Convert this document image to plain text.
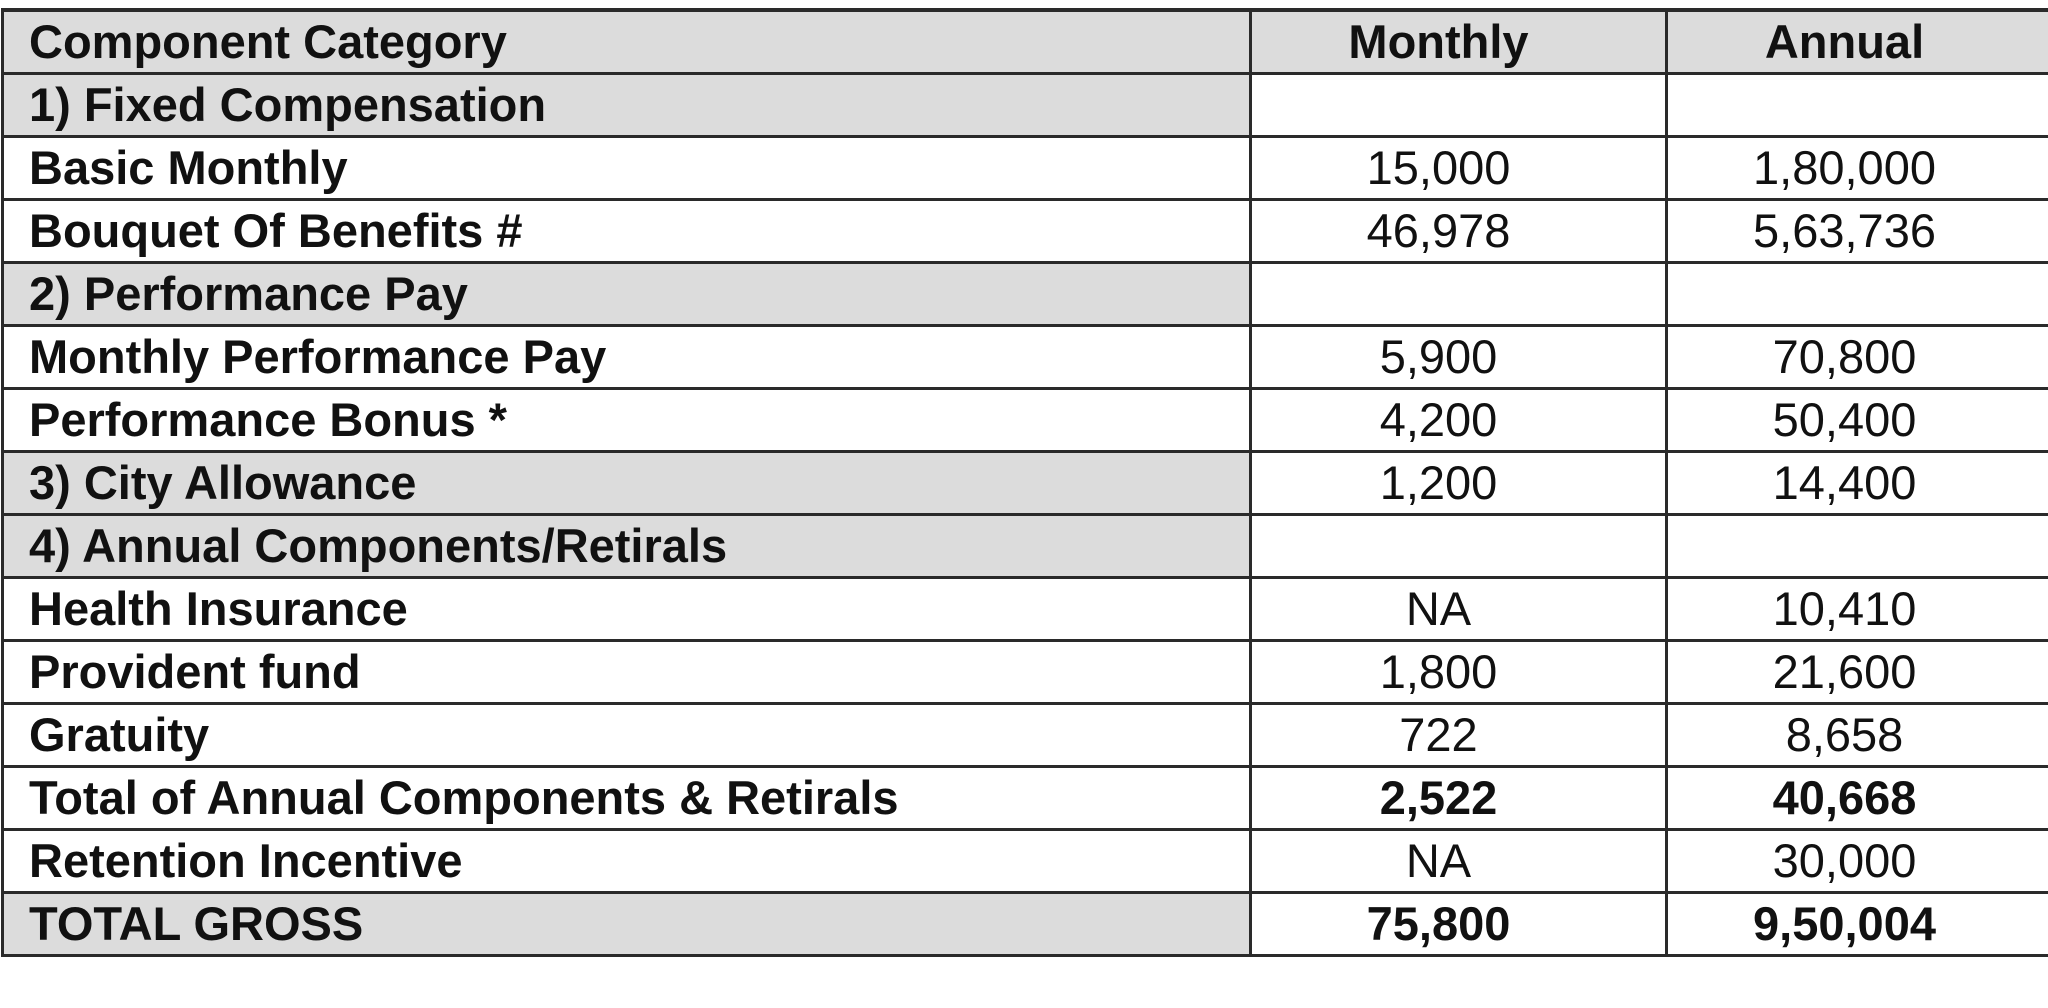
Component Category	Monthly	Annual
1) Fixed Compensation		
Basic Monthly	15,000	1,80,000
Bouquet Of Benefits #	46,978	5,63,736
2) Performance Pay		
Monthly Performance Pay	5,900	70,800
Performance Bonus *	4,200	50,400
3) City Allowance	1,200	14,400
4) Annual Components/Retirals		
Health Insurance	NA	10,410
Provident fund	1,800	21,600
Gratuity	722	8,658
Total of Annual Components & Retirals	2,522	40,668
Retention Incentive	NA	30,000
TOTAL GROSS	75,800	9,50,004
